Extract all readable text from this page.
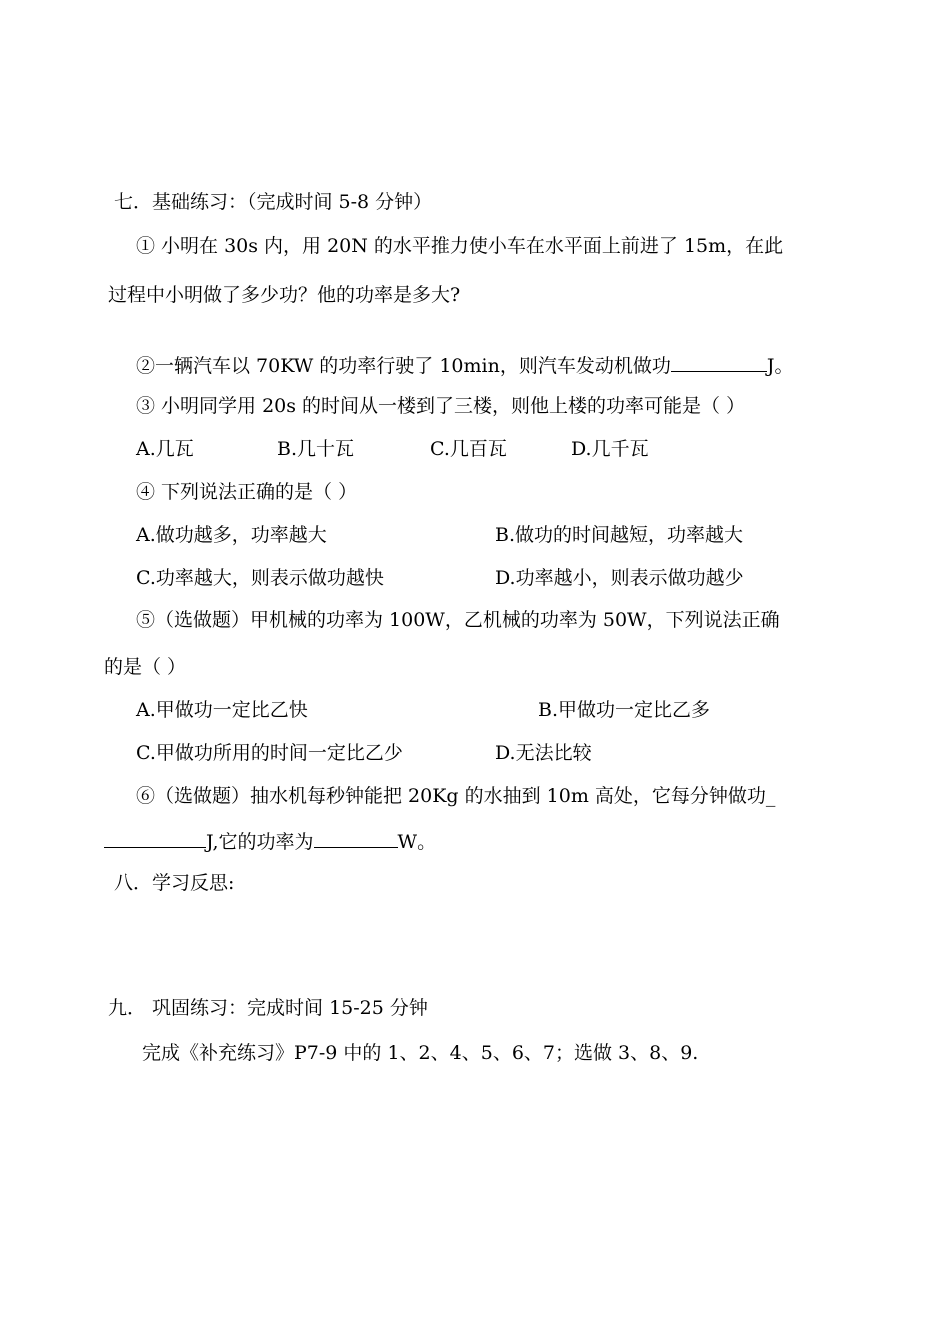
七．基础练习：（完成时间 5-8 分钟）
① 小明在 30s 内，用 20N 的水平推力使小车在水平面上前进了 15m，在此
过程中小明做了多少功？他的功率是多大?
②一辆汽车以 70KW 的功率行驶了 10min，则汽车发动机做功	J。
③ 小明同学用 20s 的时间从一楼到了三楼，则他上楼的功率可能是（ ）
A.几瓦	B.几十瓦	C.几百瓦	D.几千瓦
④ 下列说法正确的是（ ）
A.做功越多，功率越大	B.做功的时间越短，功率越大
C.功率越大，则表示做功越快	D.功率越小，则表示做功越少
⑤（选做题）甲机械的功率为 100W，乙机械的功率为 50W，下列说法正确
的是（ ）
A.甲做功一定比乙快	B.甲做功一定比乙多
C.甲做功所用的时间一定比乙少	D.无法比较
⑥（选做题）抽水机每秒钟能把 20Kg 的水抽到 10m 高处，它每分钟做功_
J,它的功率为	W。
八．学习反思:
九． 巩固练习：完成时间 15-25 分钟
完成《补充练习》P7-9 中的 1、2、4、5、6、7；选做 3、8、9.
